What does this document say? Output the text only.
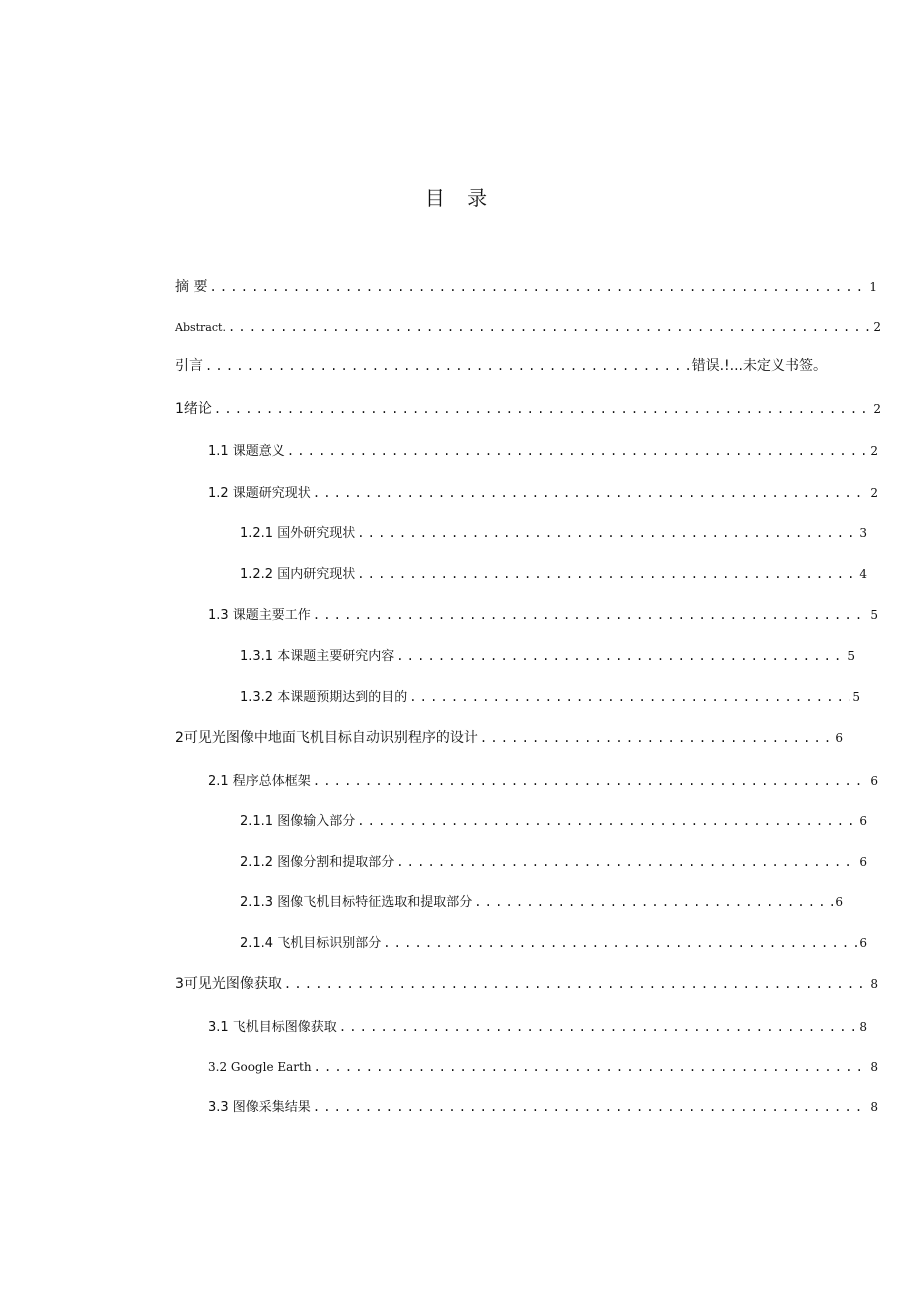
目 录
摘 要 .....	1
Abstract. .....	2
引言 .....	错误.!...未定义书签。
1绪论 .....	2
1.1 课题意义 .....	2
1.2 课题研究现状 .....	2
1.2.1 国外研究现状 .....	3
1.2.2 国内研究现状 .....	4
1.3 课题主要工作 .....	5
1.3.1 本课题主要研究内容 .....	5
1.3.2 本课题预期达到的目的 .....	5
2可见光图像中地面飞机目标自动识别程序的设计 .....	6
2.1 程序总体框架 .....	6
2.1.1 图像输入部分 .....	6
2.1.2 图像分割和提取部分 .....	6
2.1.3 图像飞机目标特征选取和提取部分 .....	6
2.1.4 飞机目标识别部分 .....	6
3可见光图像获取 .....	8
3.1 飞机目标图像获取 .....	8
3.2 Google Earth .....	8
3.3 图像采集结果 .....	8
